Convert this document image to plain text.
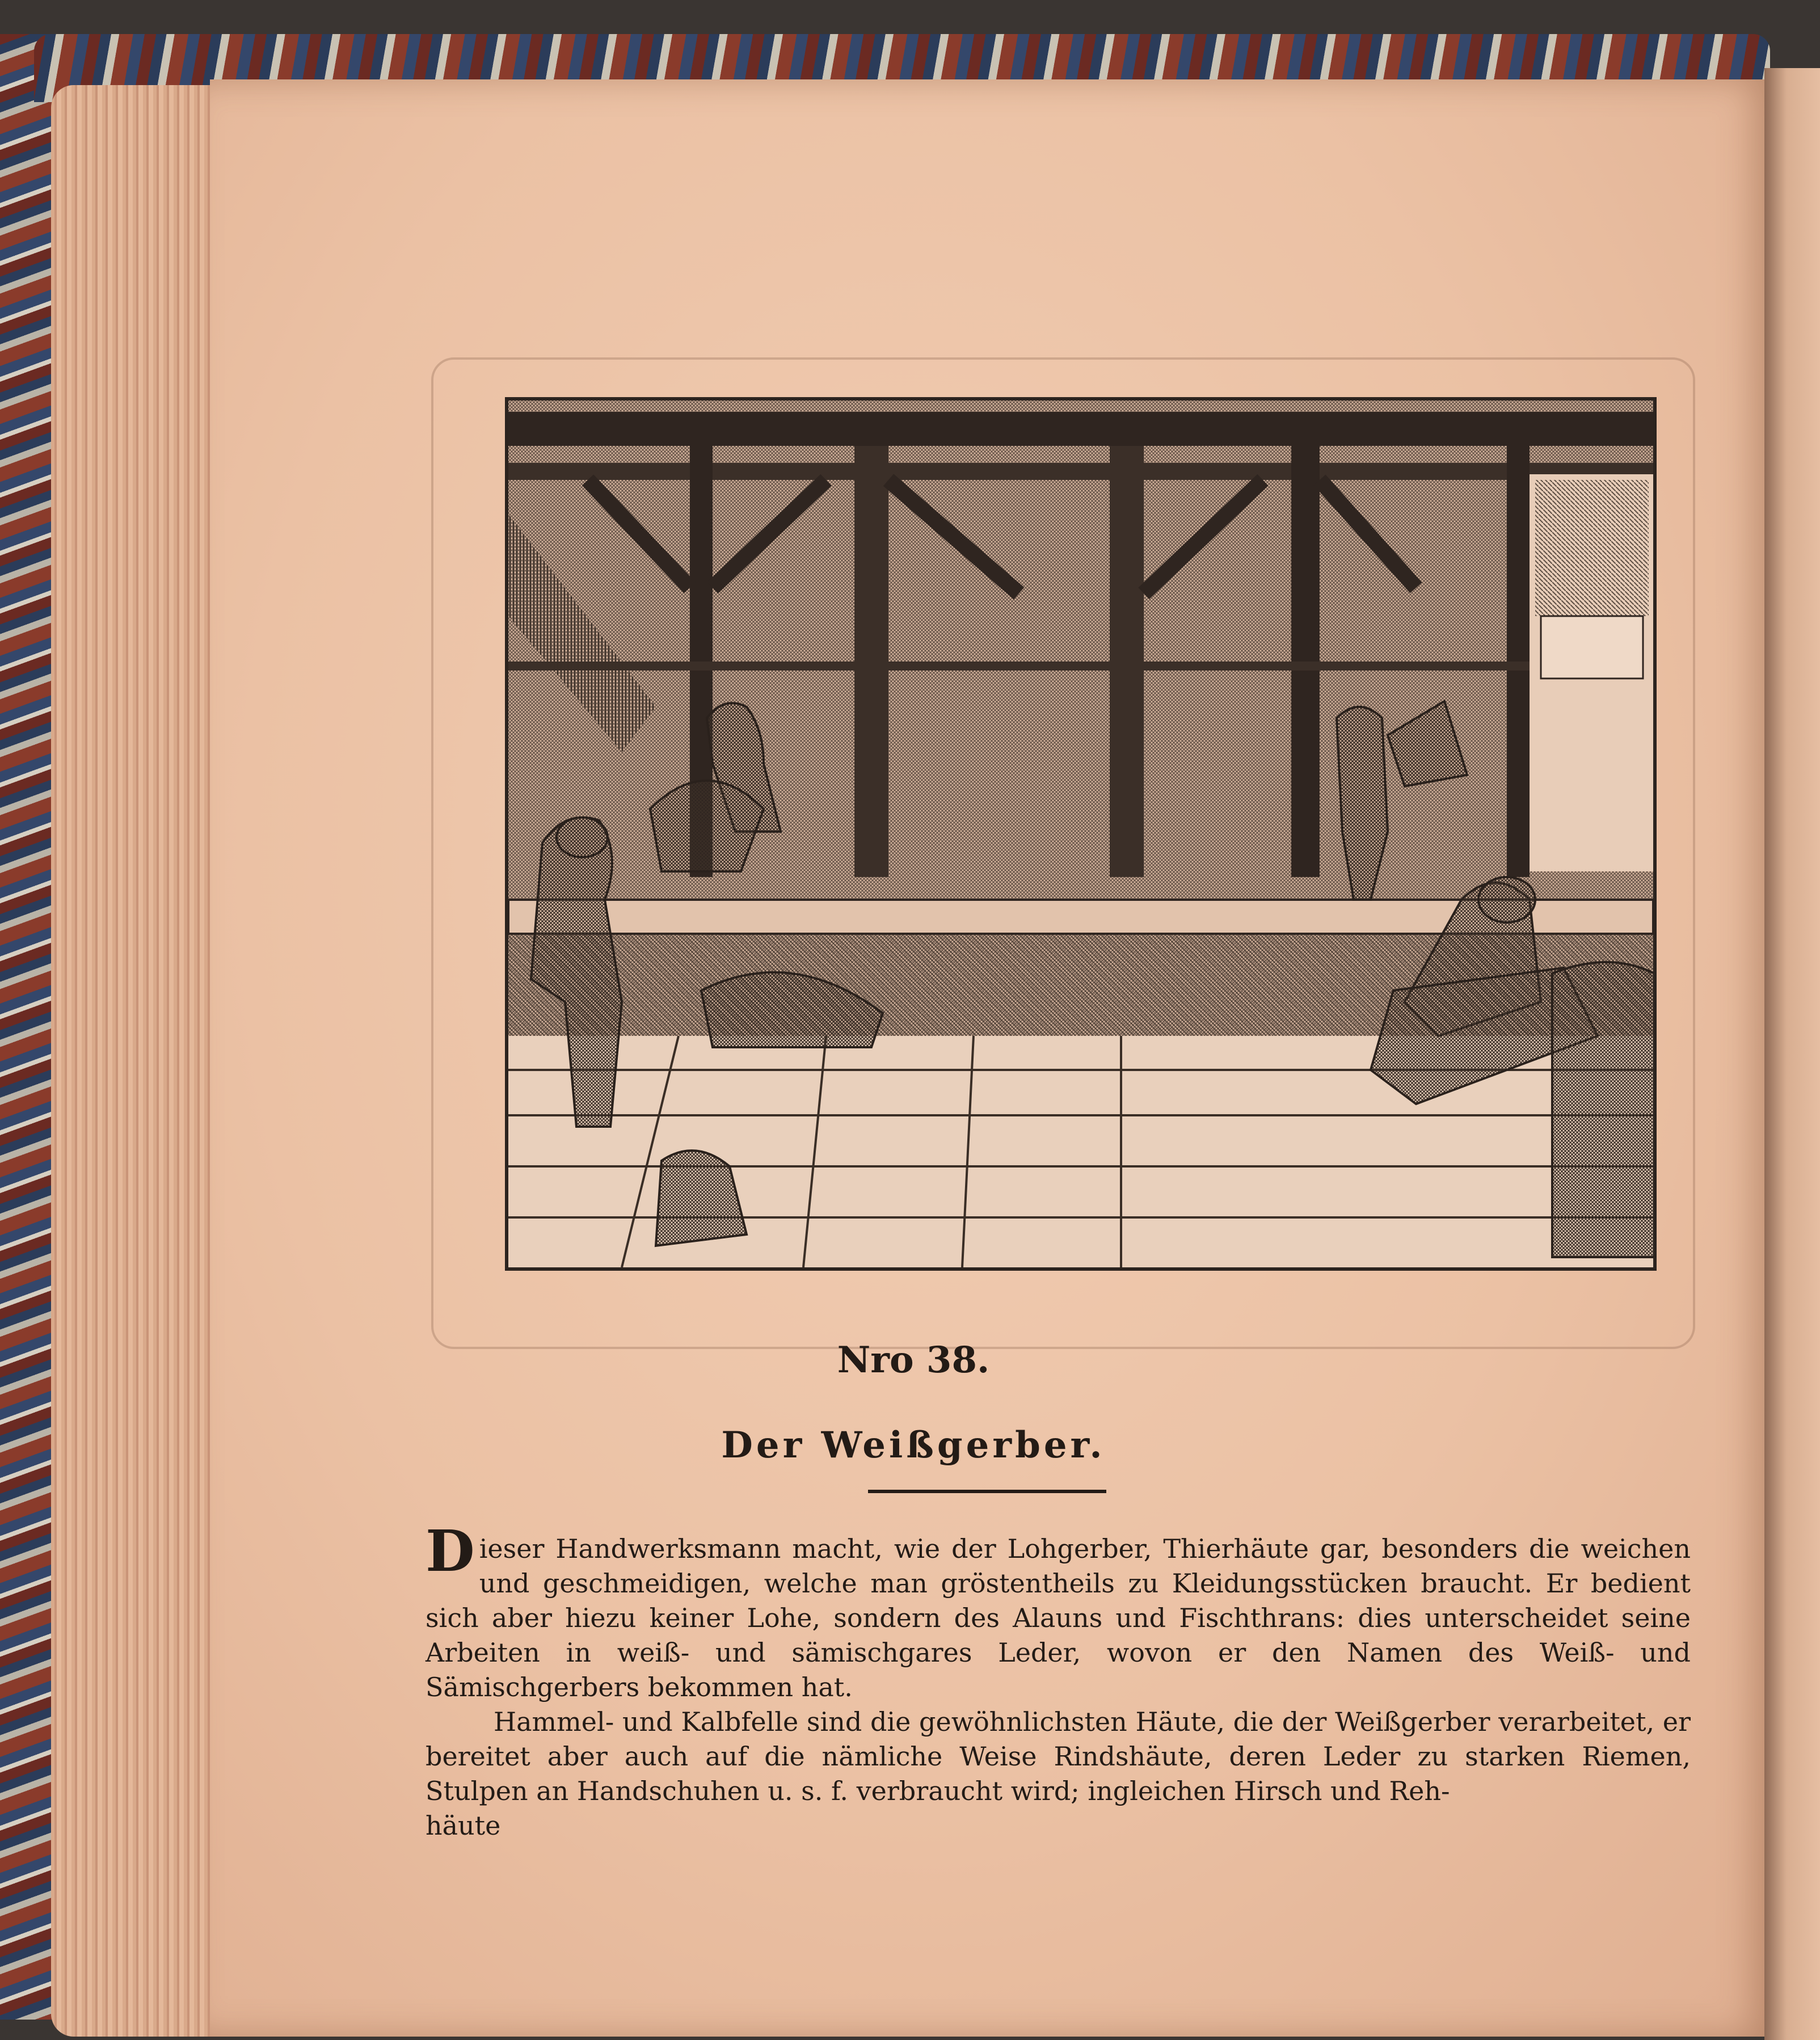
Nro 38.
Der Weißgerber.

Dieser Handwerksmann macht, wie der Lohgerber, Thierhäute gar, besonders die weichen und geschmeidigen, welche man gröstentheils zu Kleidungsstücken braucht. Er bedient sich aber hiezu keiner Lohe, sondern des Alauns und Fischthrans: dies unterscheidet seine Arbeiten in weiß- und sämischgares Leder, wovon er den Namen des Weiß- und Sämischgerbers bekommen hat.

Hammel- und Kalbfelle sind die gewöhnlichsten Häute, die der Weißgerber verarbeitet, er bereitet aber auch auf die nämliche Weise Rindshäute, deren Leder zu starken Riemen, Stulpen an Handschuhen u. s. f. verbraucht wird; ingleichen Hirsch und Reh-

häute
